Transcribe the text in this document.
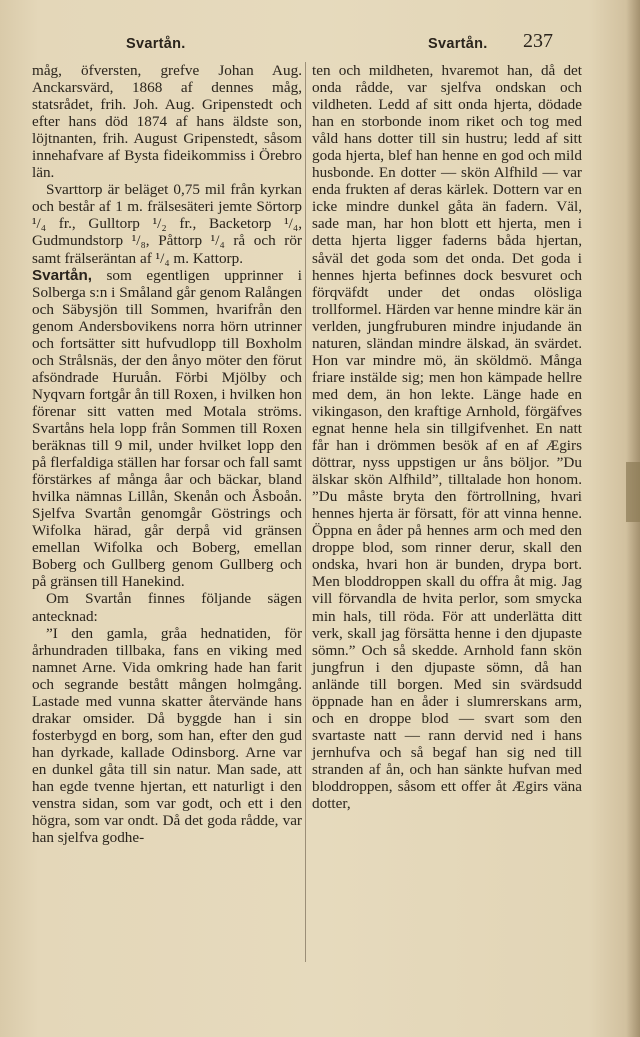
Svartån.	Svartån. 237

måg, öfversten, grefve Johan Aug. Anckarsvärd, 1868 af dennes måg, statsrådet, frih. Joh. Aug. Gripenstedt och efter hans död 1874 af hans äldste son, löjtnanten, frih. August Gripenstedt, såsom innehafvare af Bysta fideikommiss i Örebro län.

Svarttorp är beläget 0,75 mil från kyrkan och består af 1 m. frälsesäteri jemte Sörtorp ¹/₄ fr., Gulltorp ¹/₂ fr., Backetorp ¹/₄, Gudmundstorp ¹/₈, Påttorp ¹/₄ rå och rör samt frälseräntan af ¹/₄ m. Kattorp.

Svartån, som egentligen upprinner i Solberga s:n i Småland går genom Ralången och Säbysjön till Sommen, hvarifrån den genom Andersbovikens norra hörn utrinner och fortsätter sitt hufvudlopp till Boxholm och Strålsnäs, der den ånyo möter den förut afsöndrade Huruån. Förbi Mjölby och Nyqvarn fortgår ån till Roxen, i hvilken hon förenar sitt vatten med Motala ströms. Svartåns hela lopp från Sommen till Roxen beräknas till 9 mil, under hvilket lopp den på flerfaldiga ställen har forsar och fall samt förstärkes af många åar och bäckar, bland hvilka nämnas Lillån, Skenån och Åsboån. Sjelfva Svartån genomgår Göstrings och Wifolka härad, går derpå vid gränsen emellan Wifolka och Boberg, emellan Boberg och Gullberg genom Gullberg och på gränsen till Hanekind.

Om Svartån finnes följande sägen antecknad:

”I den gamla, gråa hednatiden, för århundraden tillbaka, fans en viking med namnet Arne. Vida omkring hade han farit och segrande bestått mången holmgång. Lastade med vunna skatter återvände hans drakar omsider. Då byggde han i sin fosterbygd en borg, som han, efter den gud han dyrkade, kallade Odinsborg. Arne var en dunkel gåta till sin natur. Man sade, att han egde tvenne hjertan, ett naturligt i den venstra sidan, som var godt, och ett i den högra, som var ondt. Då det goda rådde, var han sjelfva godhe-

ten och mildheten, hvaremot han, då det onda rådde, var sjelfva ondskan och vildheten. Ledd af sitt onda hjerta, dödade han en storbonde inom riket och tog med våld hans dotter till sin hustru; ledd af sitt goda hjerta, blef han henne en god och mild husbonde. En dotter — skön Alfhild — var enda frukten af deras kärlek. Dottern var en icke mindre dunkel gåta än fadern. Väl, sade man, har hon blott ett hjerta, men i detta hjerta ligger faderns båda hjertan, såväl det goda som det onda. Det goda i hennes hjerta befinnes dock besvuret och förqväfdt under det ondas olösliga trollformel. Härden var henne mindre kär än verlden, jungfruburen mindre injudande än naturen, sländan mindre älskad, än svärdet. Hon var mindre mö, än sköldmö. Många friare instälde sig; men hon kämpade hellre med dem, än hon lekte. Länge hade en vikingason, den kraftige Arnhold, förgäfves egnat henne hela sin tillgifvenhet. En natt får han i drömmen besök af en af Ægirs döttrar, nyss uppstigen ur åns böljor. ”Du älskar skön Alfhild”, tilltalade hon honom. ”Du måste bryta den förtrollning, hvari hennes hjerta är försatt, för att vinna henne. Öppna en åder på hennes arm och med den droppe blod, som rinner derur, skall den ondska, hvari hon är bunden, drypa bort. Men bloddroppen skall du offra åt mig. Jag vill förvandla de hvita perlor, som smycka min hals, till röda. För att underlätta ditt verk, skall jag försätta henne i den djupaste sömn.” Och så skedde. Arnhold fann skön jungfrun i den djupaste sömn, då han anlände till borgen. Med sin svärdsudd öppnade han en åder i slumrerskans arm, och en droppe blod — svart som den svartaste natt — rann dervid ned i hans jernhufva och så begaf han sig ned till stranden af ån, och han sänkte hufvan med bloddroppen, såsom ett offer åt Ægirs väna dotter,
